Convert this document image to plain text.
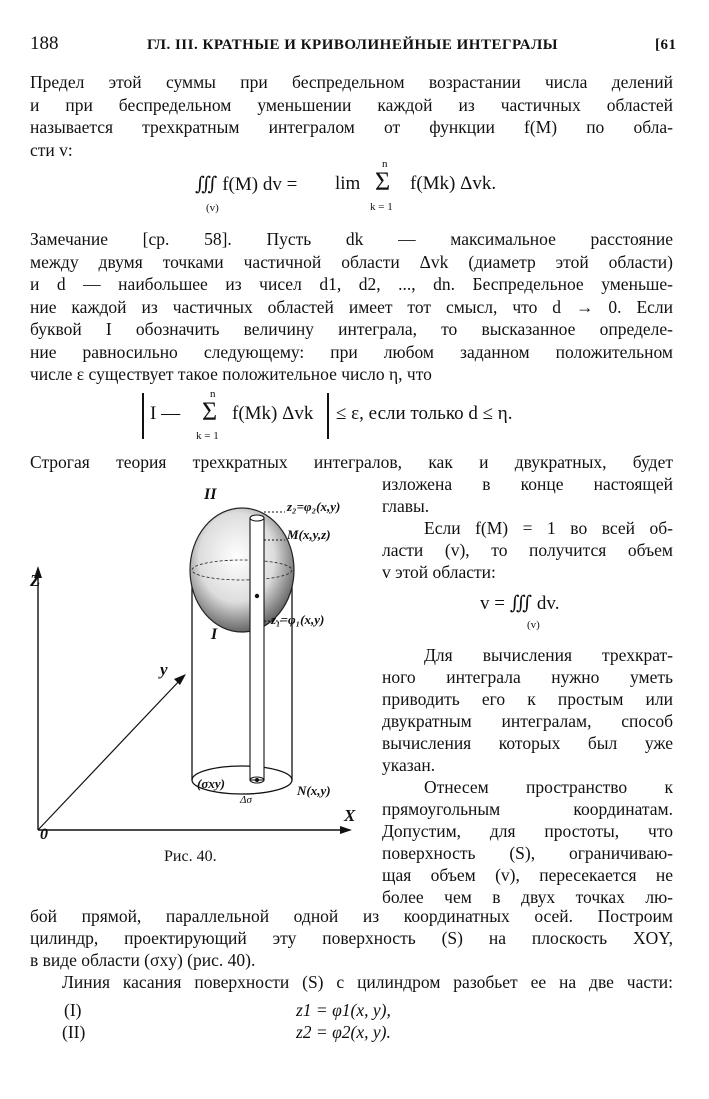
188	ГЛ. III. КРАТНЫЕ И КРИВОЛИНЕЙНЫЕ ИНТЕГРАЛЫ	[61
Предел этой суммы при беспредельном возрастании числа делений
и при беспредельном уменьшении каждой из частичных областей
называется трехкратным интегралом от функции f(M) по обла-
сти v:
∭ f(M) dv =
(v)
lim
n
Σ
k = 1
f(Mk) Δvk.
Замечание [ср. 58]. Пусть dk — максимальное расстояние
между двумя точками частичной области Δvk (диаметр этой области)
и d — наибольшее из чисел d1, d2, ..., dn. Беспредельное уменьше-
ние каждой из частичных областей имеет тот смысл, что d → 0. Если
буквой I обозначить величину интеграла, то высказанное определе-
ние равносильно следующему: при любом заданном положительном
числе ε существует такое положительное число η, что
I —
n
Σ
k = 1
f(Mk) Δvk ≤ ε, если только d ≤ η.
Строгая теория трехкратных интегралов, как и двукратных, будет
изложена в конце настоящей
главы.
Если f(M) = 1 во всей об-
ласти (v), то получится объем
v этой области:
v = ∭ dv.
(v)
Для вычисления трехкрат-
ного интеграла нужно уметь
приводить его к простым или
двукратным интегралам, способ
вычисления которых был уже
указан.
Отнесем пространство к
прямоугольным координатам.
Допустим, для простоты, что
поверхность (S), ограничиваю-
щая объем (v), пересекается не
более чем в двух точках лю-
II
z₂=φ₂(x,y)
M(x,y,z)
I
z₁=φ₁(x,y)
Z
y
X
0
(σxy)
Δσ
N(x,y)
Рис. 40.
бой прямой, параллельной одной из координатных осей. Построим
цилиндр, проектирующий эту поверхность (S) на плоскость XOY,
в виде области (σxy) (рис. 40).
Линия касания поверхности (S) с цилиндром разобьет ее на две части:
(I)	z1 = φ1(x, y),
(II)	z2 = φ2(x, y).
